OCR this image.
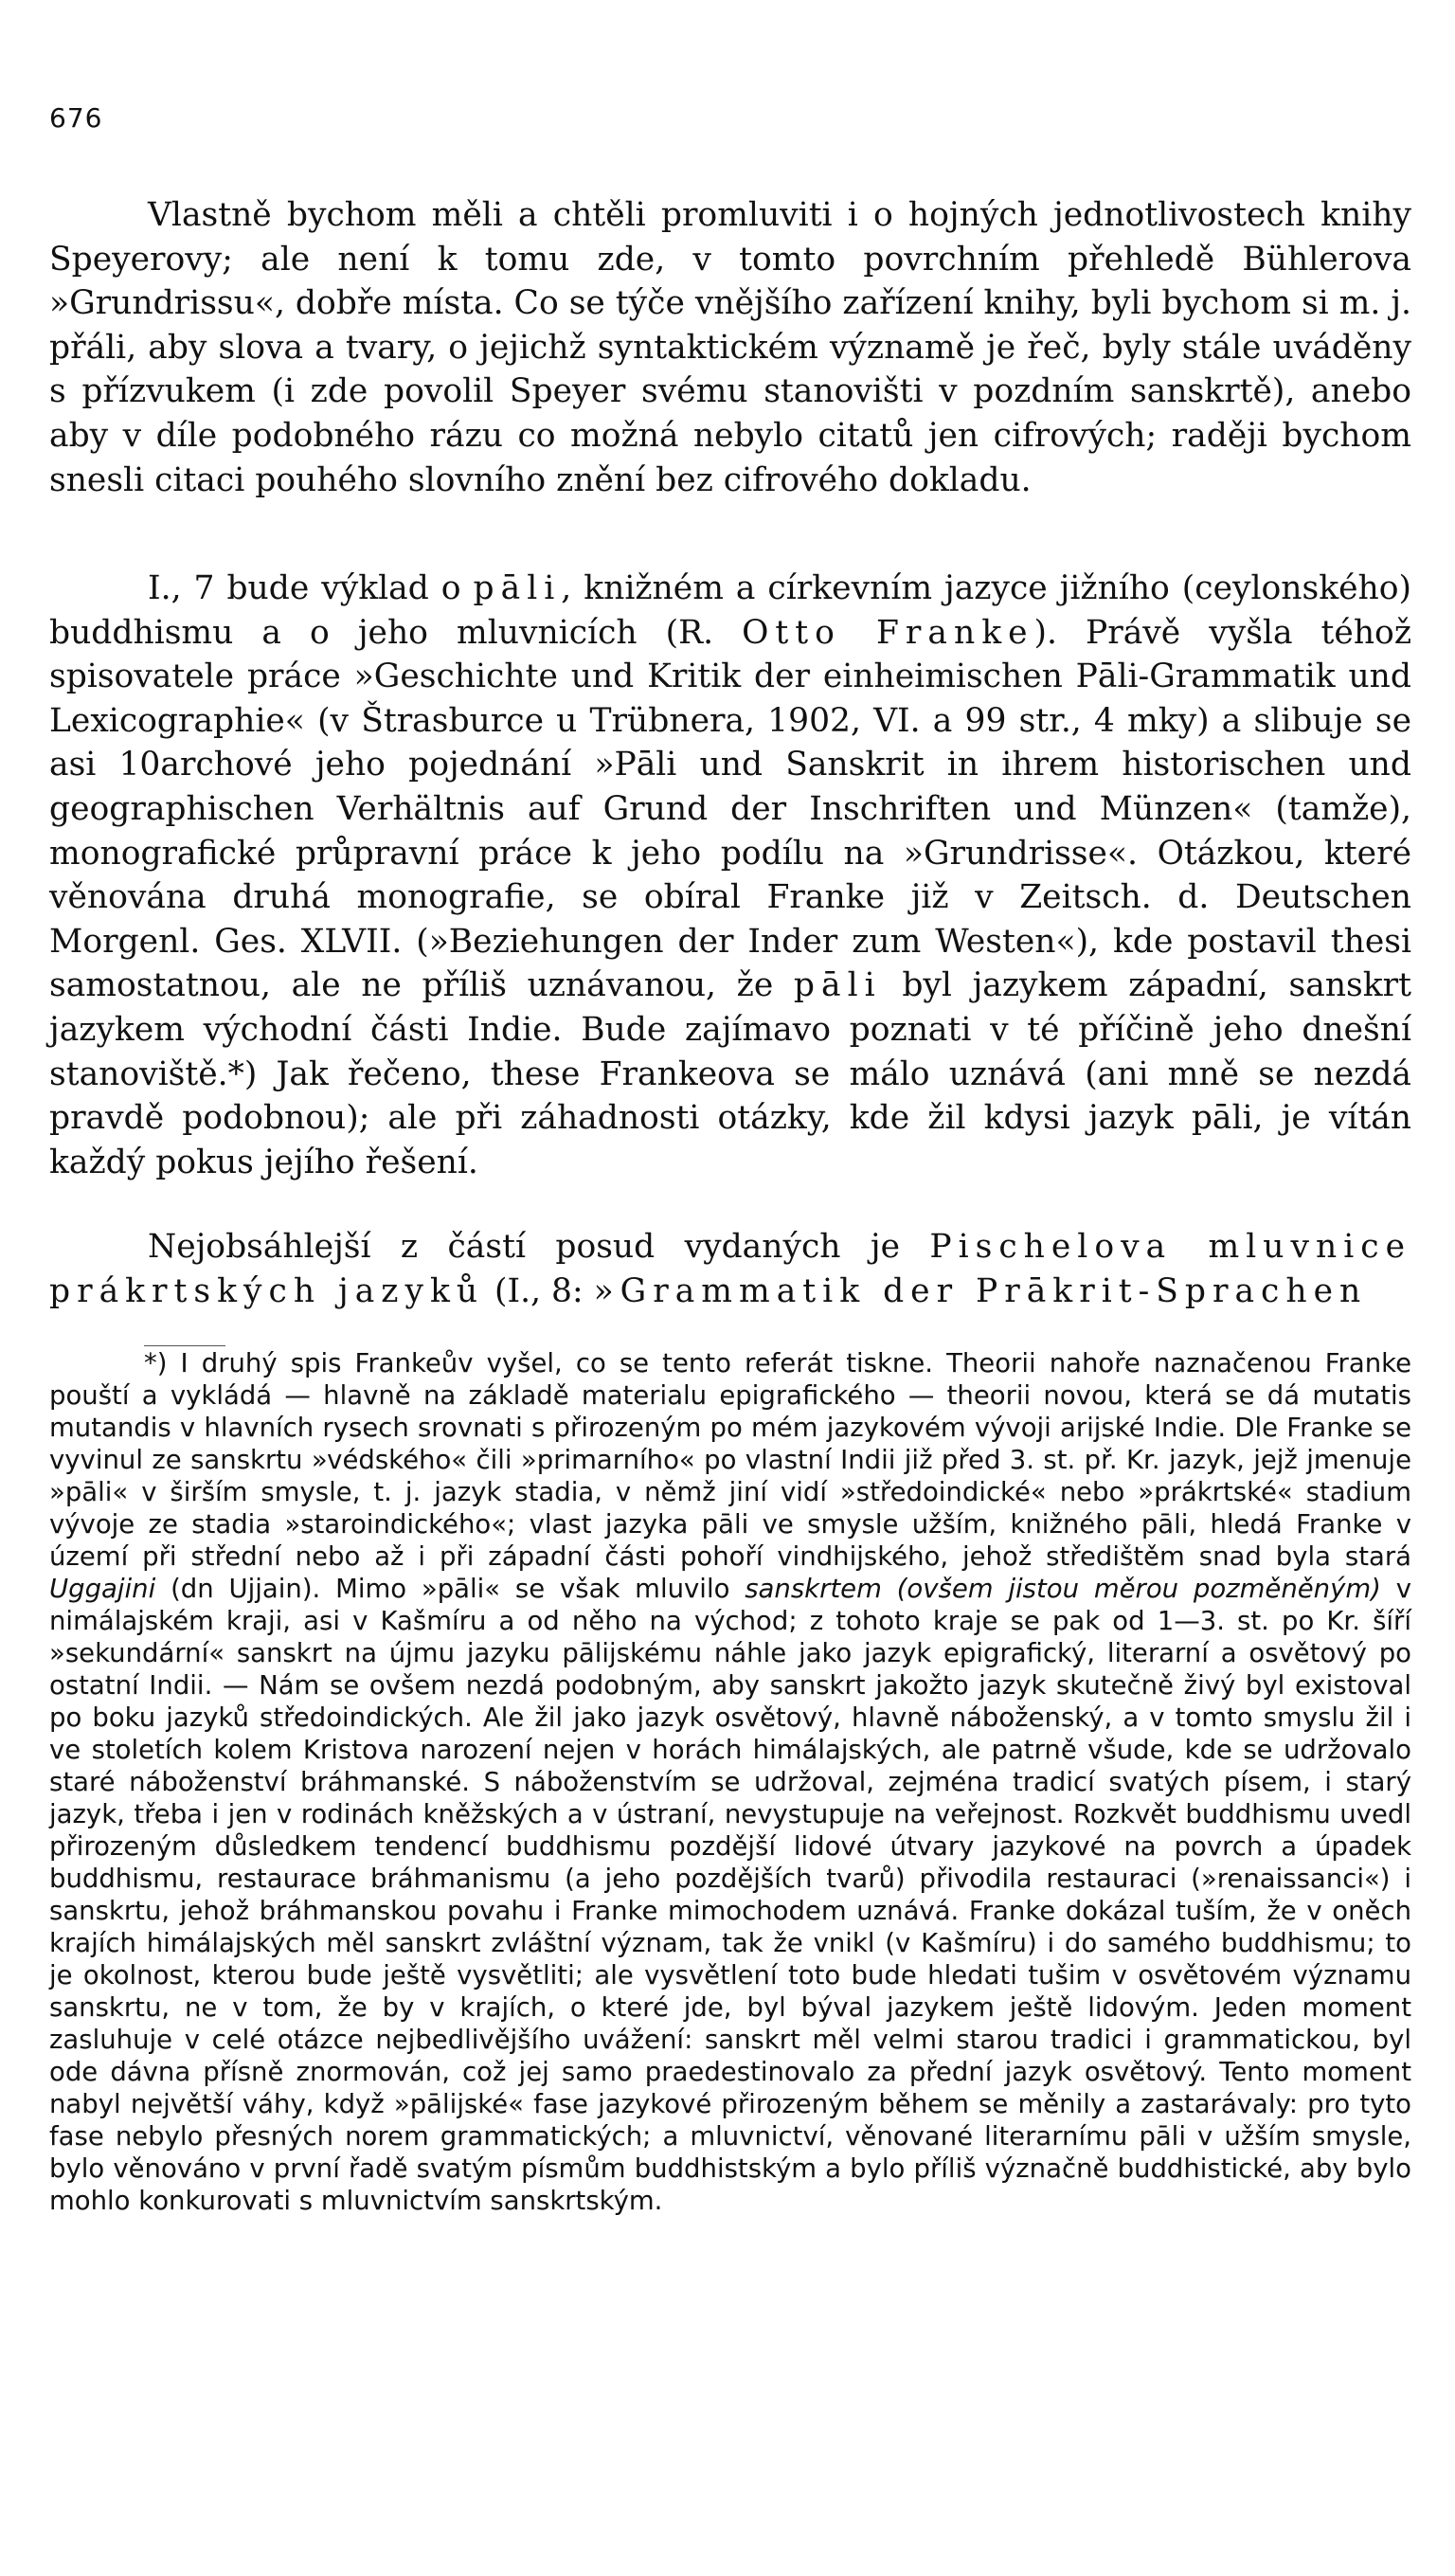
676

Vlastně bychom měli a chtěli promluviti i o hojných jednotlivostech knihy Speyerovy; ale není k tomu zde, v tomto povrchním přehledě Bühlerova »Grundrissu«, dobře místa. Co se týče vnějšího zařízení knihy, byli bychom si m. j. přáli, aby slova a tvary, o jejichž syntaktickém významě je řeč, byly stále uváděny s přízvukem (i zde povolil Speyer svému stanovišti v pozdním sanskrtě), anebo aby v díle podobného rázu co možná nebylo citatů jen cifrových; raději bychom snesli citaci pouhého slovního znění bez cifrového dokladu.

I., 7 bude výklad o pāli, knižném a církevním jazyce jižního (ceylonského) buddhismu a o jeho mluvnicích (R. Otto Franke). Právě vyšla téhož spisovatele práce »Geschichte und Kritik der einheimischen Pāli-Grammatik und Lexicographie« (v Štrasburce u Trübnera, 1902, VI. a 99 str., 4 mky) a slibuje se asi 10archové jeho pojednání »Pāli und Sanskrit in ihrem historischen und geographischen Verhältnis auf Grund der Inschriften und Münzen« (tamže), monografické průpravní práce k jeho podílu na »Grundrisse«. Otázkou, které věnována druhá monografie, se obíral Franke již v Zeitsch. d. Deutschen Morgenl. Ges. XLVII. (»Beziehungen der Inder zum Westen«), kde postavil thesi samostatnou, ale ne příliš uznávanou, že pāli byl jazykem západní, sanskrt jazykem východní části Indie. Bude zajímavo poznati v té příčině jeho dnešní stanoviště.*) Jak řečeno, these Frankeova se málo uznává (ani mně se nezdá pravdě podobnou); ale při záhadnosti otázky, kde žil kdysi jazyk pāli, je vítán každý pokus jejího řešení.

Nejobsáhlejší z částí posud vydaných je Pischelova mluvnice prákrtských jazyků (I., 8: »Grammatik der Prākrit-Sprachen

*) I druhý spis Frankeův vyšel, co se tento referát tiskne. Theorii nahoře naznačenou Franke pouští a vykládá — hlavně na základě materialu epigrafického — theorii novou, která se dá mutatis mutandis v hlavních rysech srovnati s přirozeným po mém jazykovém vývoji arijské Indie. Dle Franke se vyvinul ze sanskrtu »védského« čili »primarního« po vlastní Indii již před 3. st. př. Kr. jazyk, jejž jmenuje »pāli« v širším smysle, t. j. jazyk stadia, v němž jiní vidí »středoindické« nebo »prákrtské« stadium vývoje ze stadia »staroindického«; vlast jazyka pāli ve smysle užším, knižného pāli, hledá Franke v území při střední nebo až i při západní části pohoří vindhijského, jehož středištěm snad byla stará Uggajini (dn Ujjain). Mimo »pāli« se však mluvilo sanskrtem (ovšem jistou měrou pozměněným) v nimálajském kraji, asi v Kašmíru a od něho na východ; z tohoto kraje se pak od 1—3. st. po Kr. šíří »sekundární« sanskrt na újmu jazyku pālijskému náhle jako jazyk epigrafický, literarní a osvětový po ostatní Indii. — Nám se ovšem nezdá podobným, aby sanskrt jakožto jazyk skutečně živý byl existoval po boku jazyků středoindických. Ale žil jako jazyk osvětový, hlavně náboženský, a v tomto smyslu žil i ve stoletích kolem Kristova narození nejen v horách himálajských, ale patrně všude, kde se udržovalo staré náboženství bráhmanské. S náboženstvím se udržoval, zejména tradicí svatých písem, i starý jazyk, třeba i jen v rodinách kněžských a v ústraní, nevystupuje na veřejnost. Rozkvět buddhismu uvedl přirozeným důsledkem tendencí buddhismu pozdější lidové útvary jazykové na povrch a úpadek buddhismu, restaurace bráhmanismu (a jeho pozdějších tvarů) přivodila restauraci (»renaissanci«) i sanskrtu, jehož bráhmanskou povahu i Franke mimochodem uznává. Franke dokázal tuším, že v oněch krajích himálajských měl sanskrt zvláštní význam, tak že vnikl (v Kašmíru) i do samého buddhismu; to je okolnost, kterou bude ještě vysvětliti; ale vysvětlení toto bude hledati tušim v osvětovém významu sanskrtu, ne v tom, že by v krajích, o které jde, byl býval jazykem ještě lidovým. Jeden moment zasluhuje v celé otázce nejbedlivějšího uvážení: sanskrt měl velmi starou tradici i grammatickou, byl ode dávna přísně znormován, což jej samo praedestinovalo za přední jazyk osvětový. Tento moment nabyl největší váhy, když »pālijské« fase jazykové přirozeným během se měnily a zastarávaly: pro tyto fase nebylo přesných norem grammatických; a mluvnictví, věnované literarnímu pāli v užším smysle, bylo věnováno v první řadě svatým písmům buddhistským a bylo příliš význačně buddhistické, aby bylo mohlo konkurovati s mluvnictvím sanskrtským.
